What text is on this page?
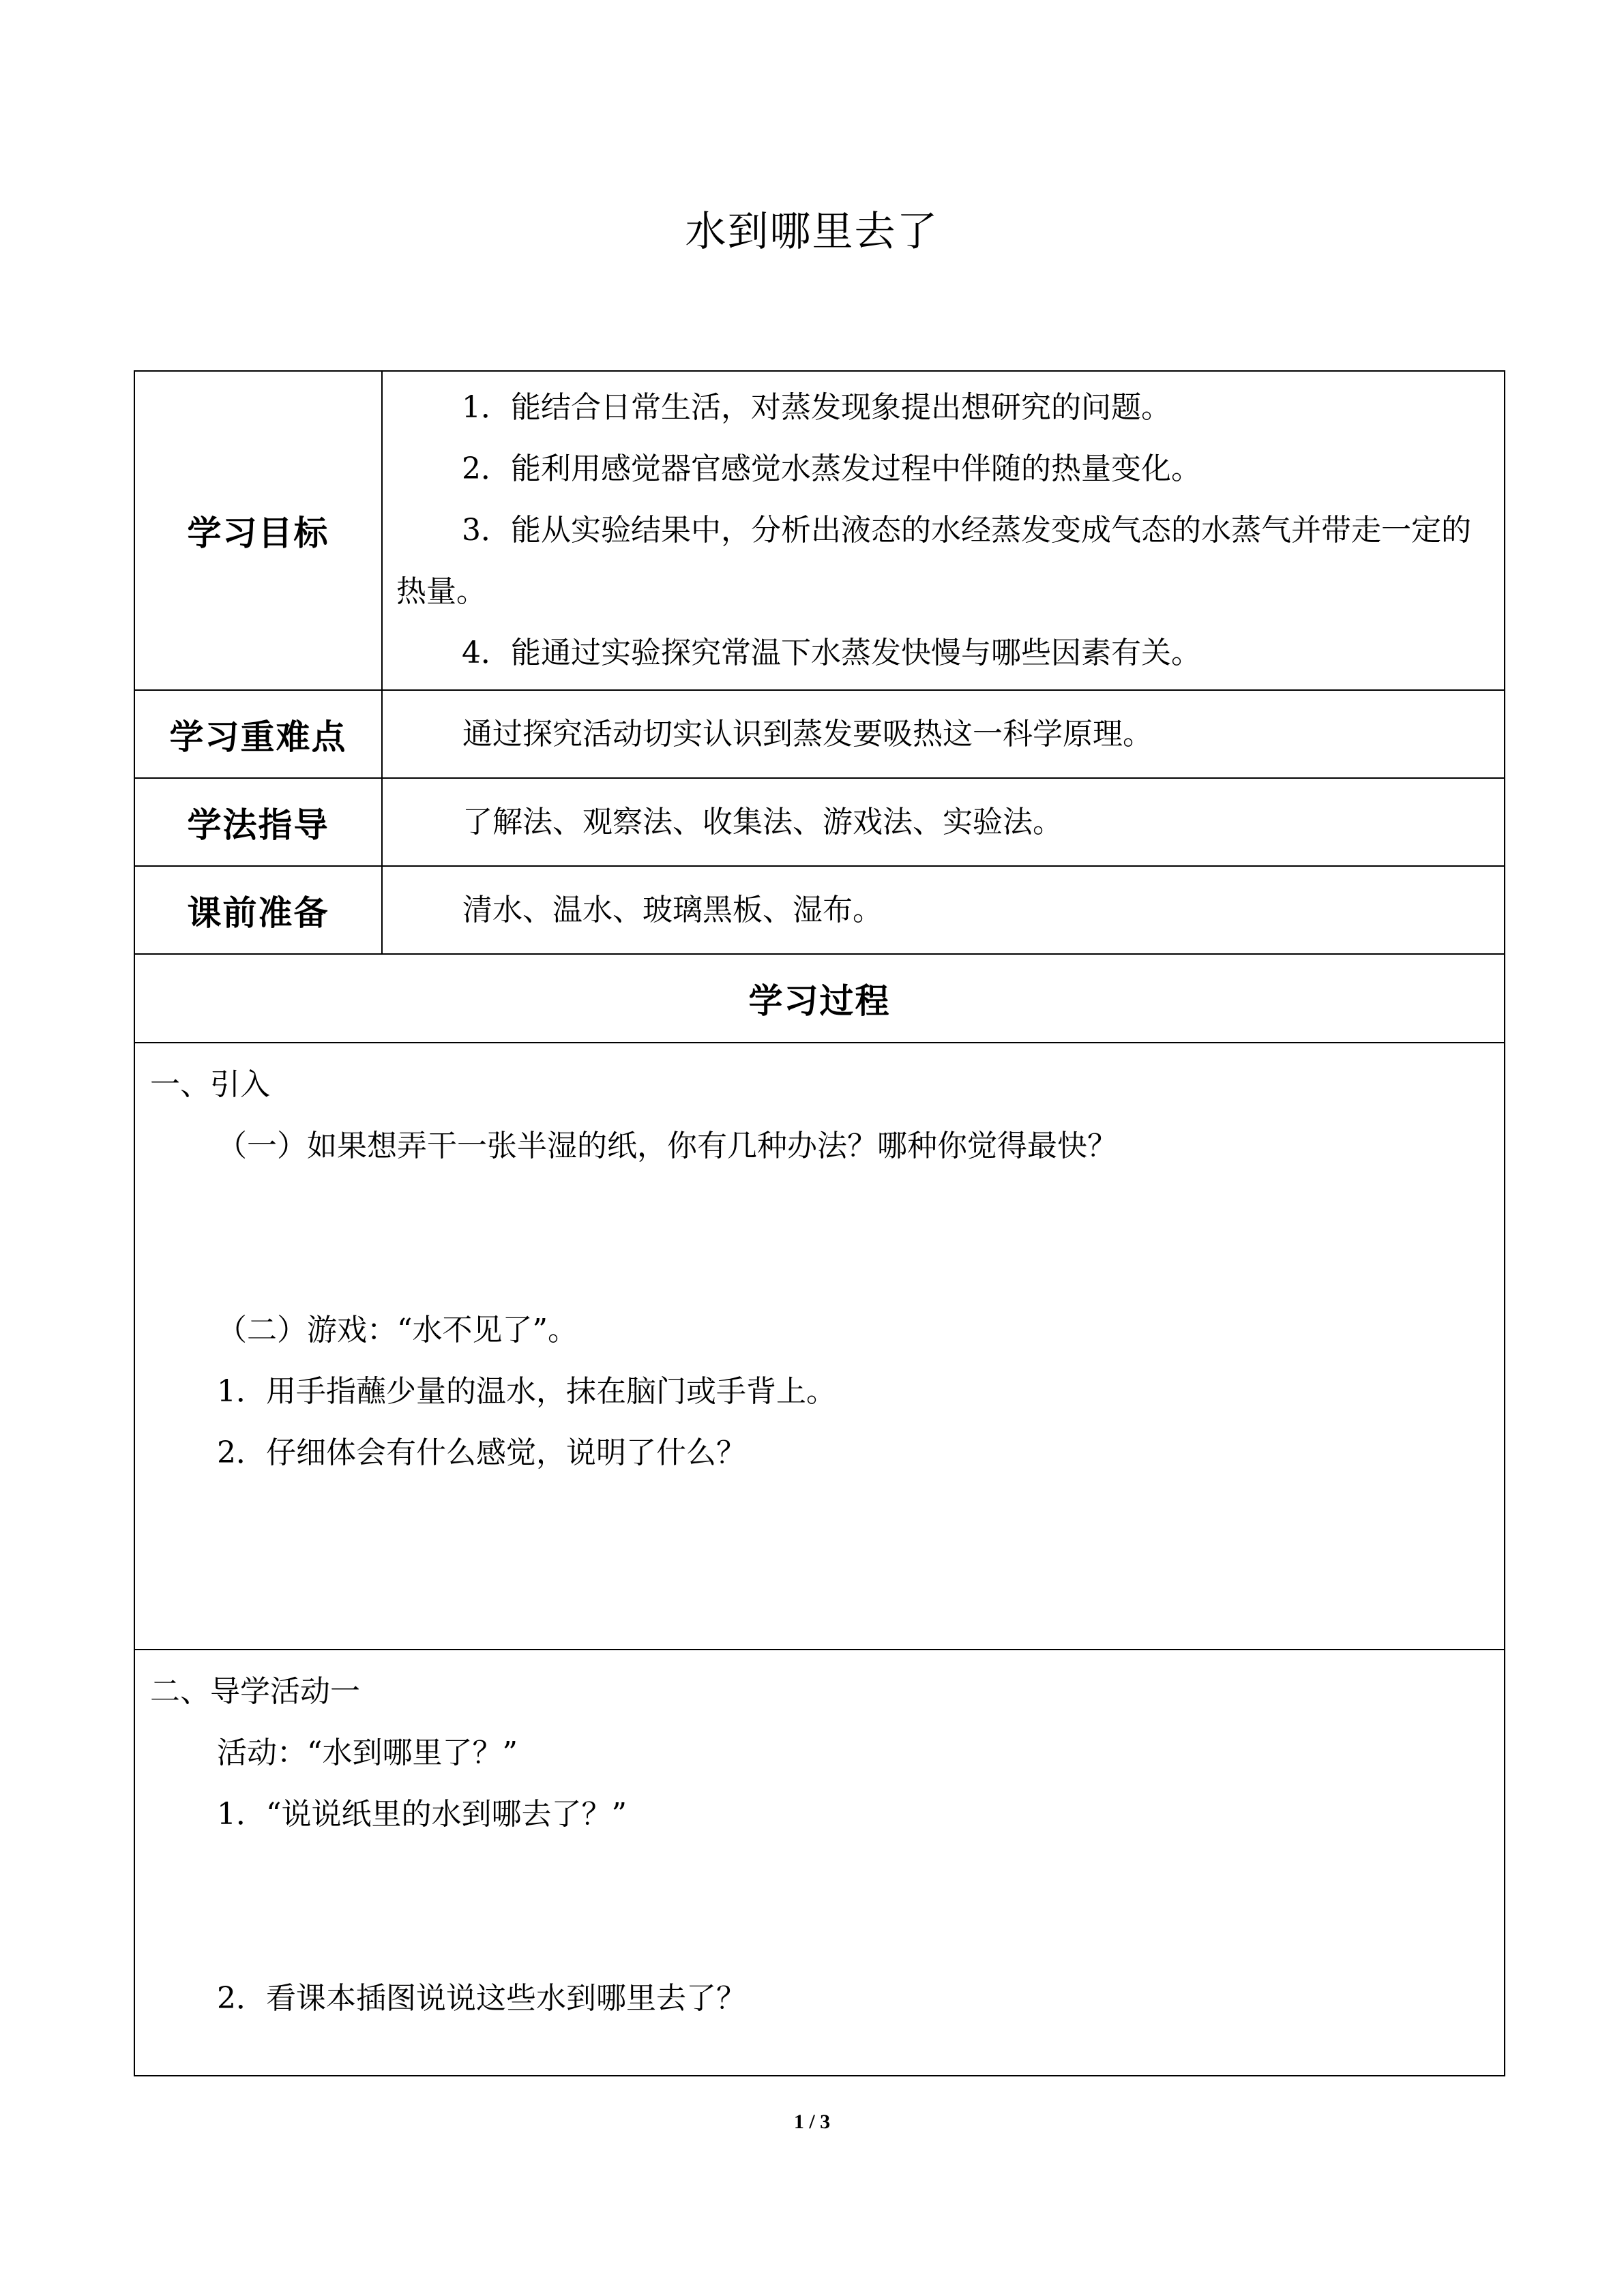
水到哪里去了
学习目标	1．能结合日常生活，对蒸发现象提出想研究的问题。

2．能利用感觉器官感觉水蒸发过程中伴随的热量变化。

3．能从实验结果中，分析出液态的水经蒸发变成气态的水蒸气并带走一定的热量。

4．能通过实验探究常温下水蒸发快慢与哪些因素有关。

学习重难点	通过探究活动切实认识到蒸发要吸热这一科学原理。
学法指导	了解法、观察法、收集法、游戏法、实验法。
课前准备	清水、温水、玻璃黑板、湿布。
学习过程	

一、引入

（一）如果想弄干一张半湿的纸，你有几种办法？哪种你觉得最快？

（二）游戏：“水不见了”。

1．用手指蘸少量的温水，抹在脑门或手背上。

2．仔细体会有什么感觉，说明了什么？	

二、导学活动一

活动：“水到哪里了？”

1．“说说纸里的水到哪去了？”

2．看课本插图说说这些水到哪里去了？	

1 / 3
